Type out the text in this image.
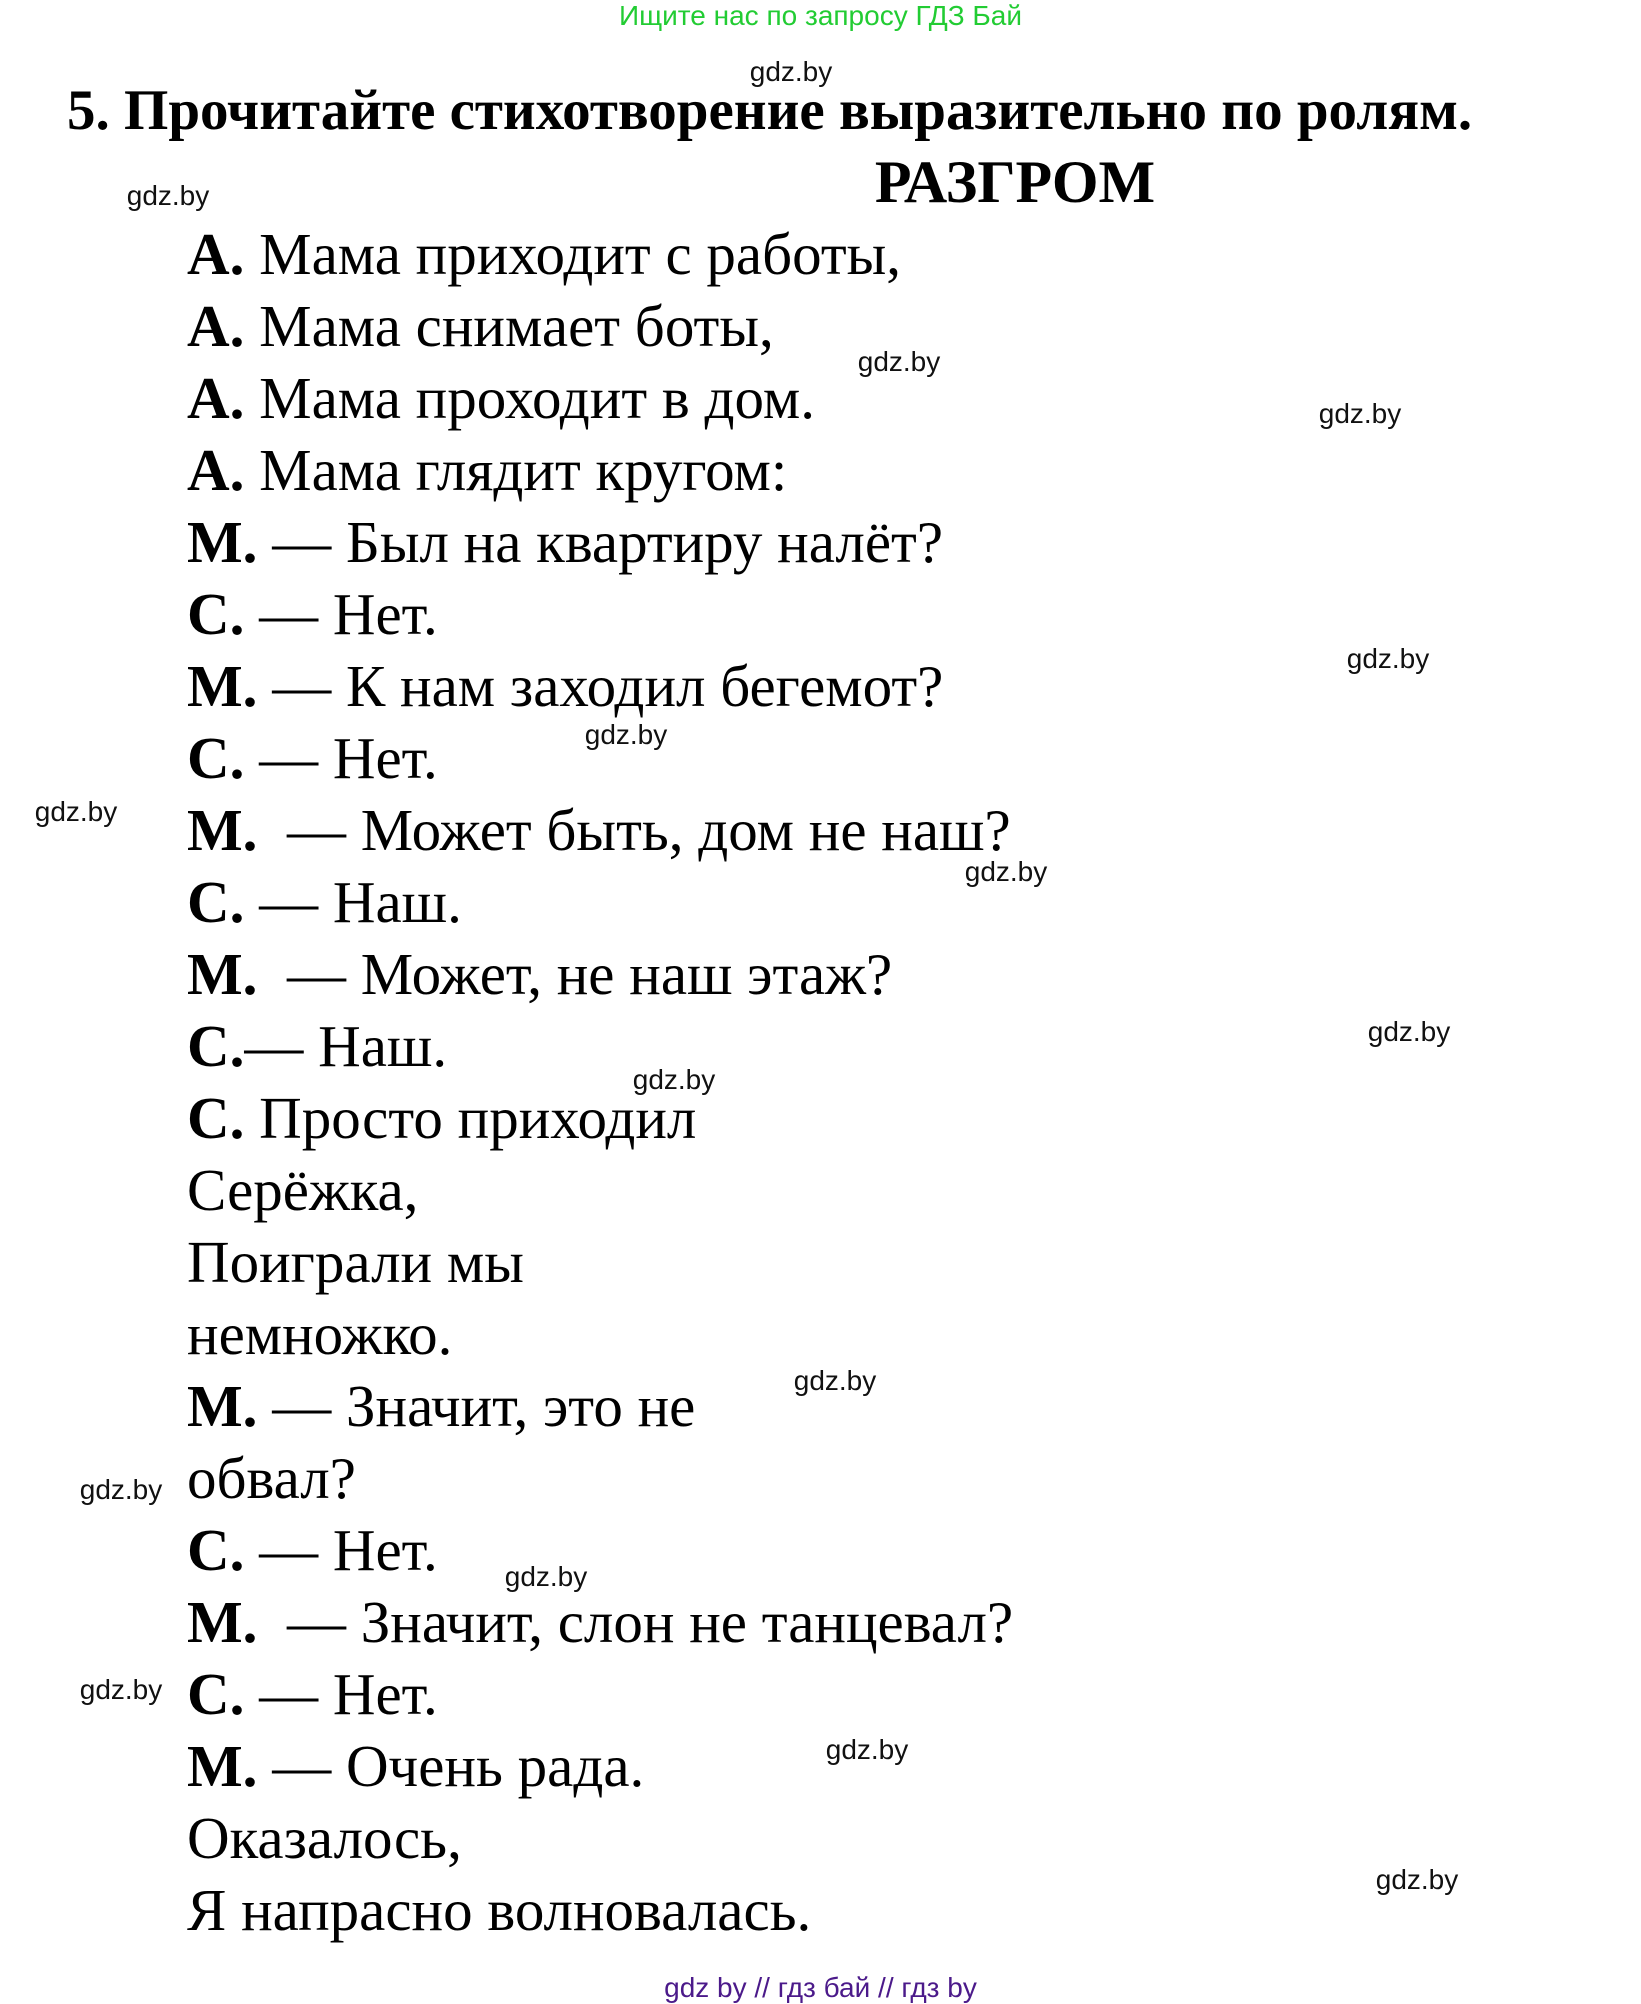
Ищите нас по запросу ГДЗ Бай
5. Прочитайте стихотворение выразительно по ролям.
РАЗГРОМ
А. Мама приходит с работы,
А. Мама снимает боты,
А. Мама проходит в дом.
А. Мама глядит кругом:
М. — Был на квартиру налёт?
С. — Нет.
М. — К нам заходил бегемот?
С. — Нет.
М.  — Может быть, дом не наш?
С. — Наш.
М.  — Может, не наш этаж?
С.— Наш.
С. Просто приходил
Серёжка,
Поиграли мы
немножко.
М. — Значит, это не
обвал?
С. — Нет.
М.  — Значит, слон не танцевал?
С. — Нет.
М. — Очень рада.
Оказалось,
Я напрасно волновалась.
gdz.by
gdz.by
gdz.by
gdz.by
gdz.by
gdz.by
gdz.by
gdz.by
gdz.by
gdz.by
gdz.by
gdz.by
gdz.by
gdz.by
gdz.by
gdz.by
gdz by // гдз бай // гдз by
